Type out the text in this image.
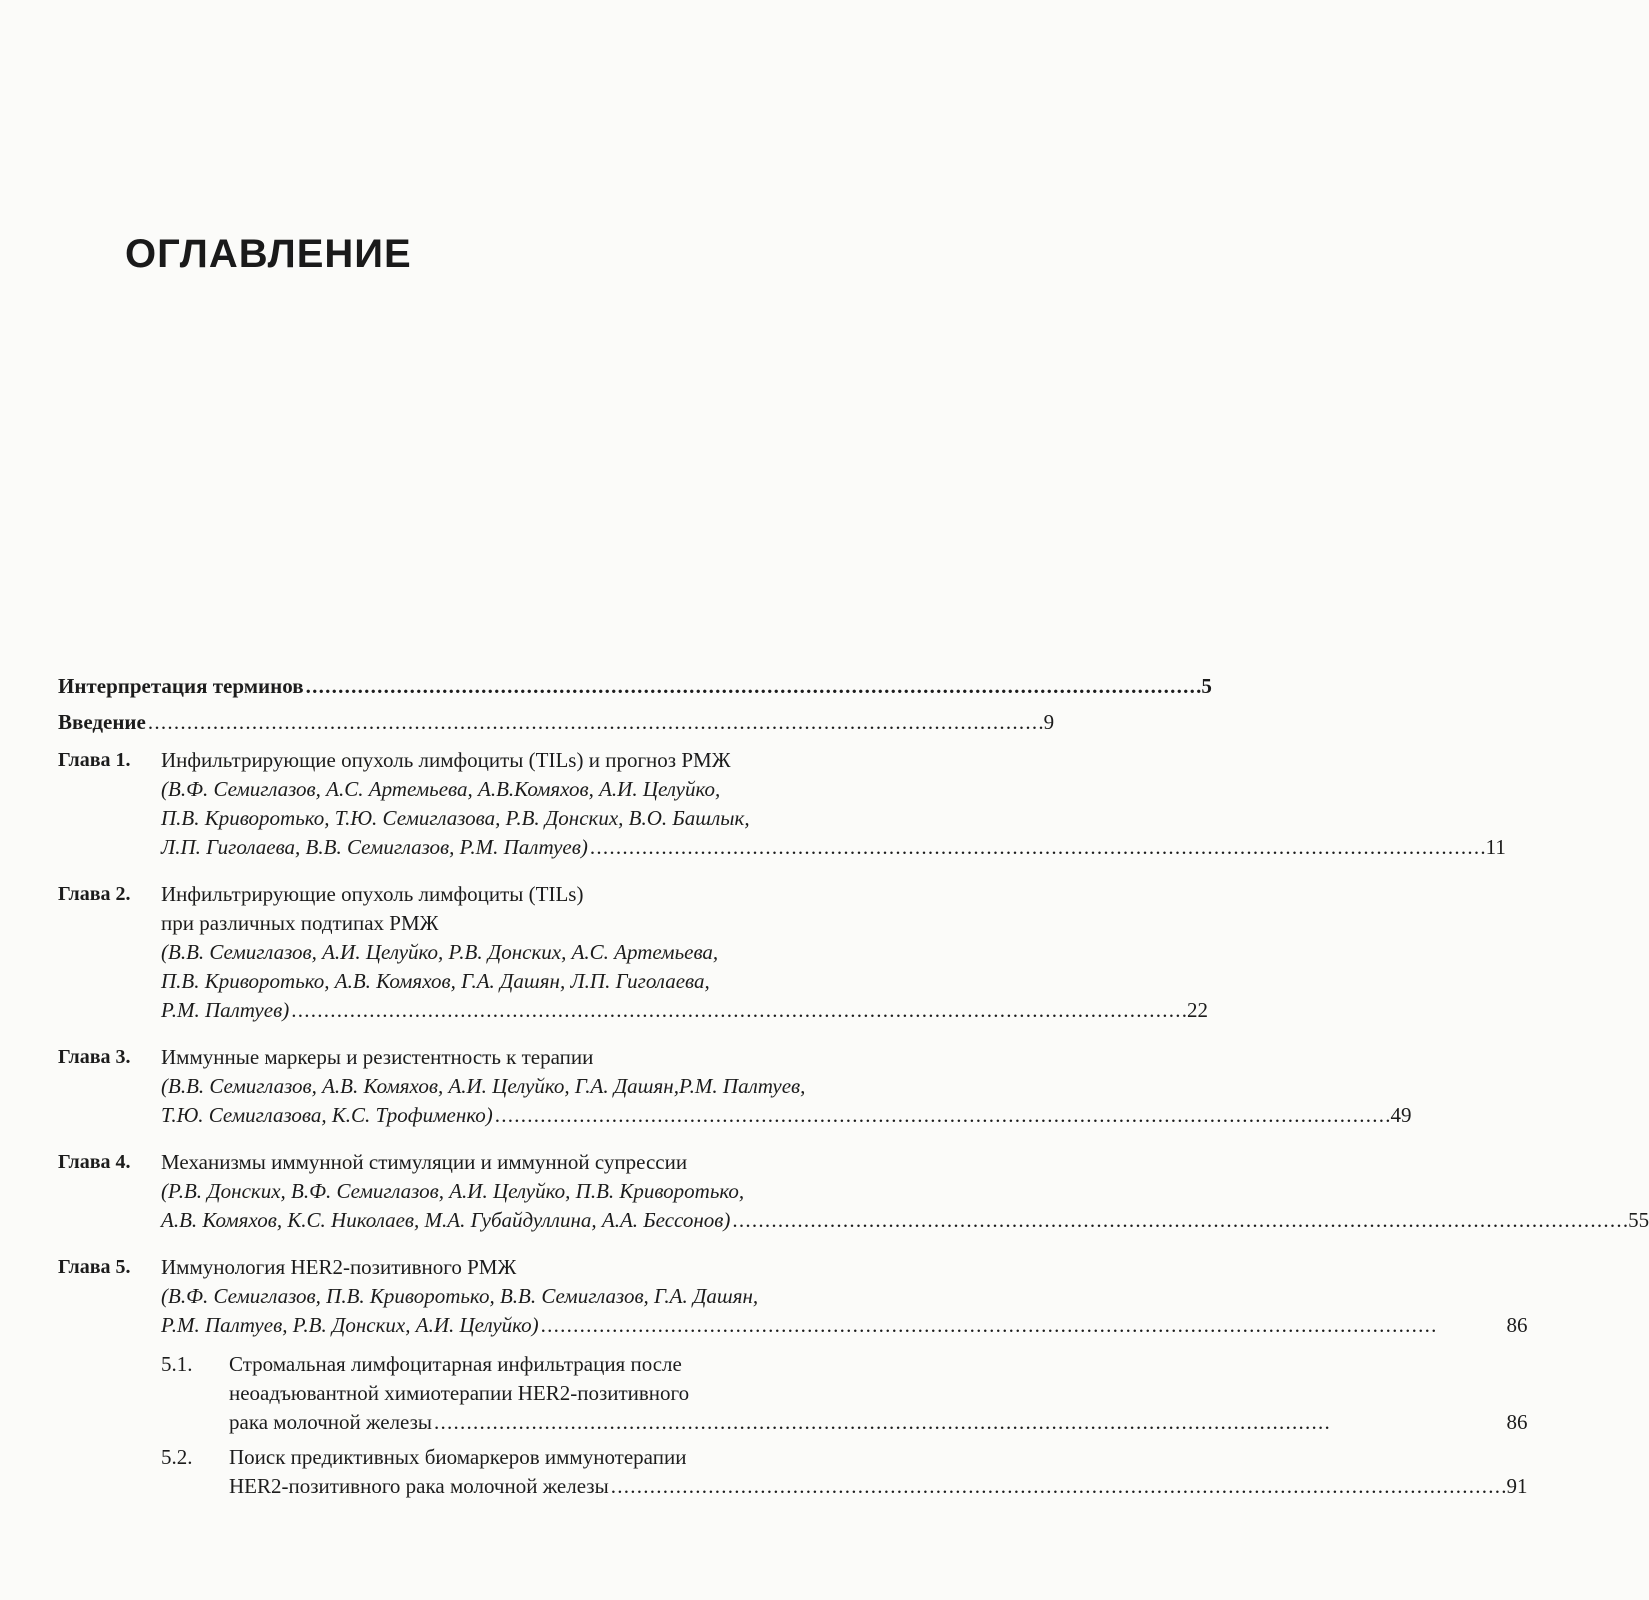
ОГЛАВЛЕНИЕ
Интерпретация терминов . . .	5
Введение . . .	9
Глава 1.	Инфильтрирующие опухоль лимфоциты (TILs) и прогноз РМЖ
(В.Ф. Семиглазов, А.С. Артемьева, А.В.Комяхов, А.И. Целуйко,
П.В. Криворотько, Т.Ю. Семиглазова, Р.В. Донских, В.О. Башлык,
Л.П. Гиголаева, В.В. Семиглазов, Р.М. Палтуев) . . .	11
Глава 2.	Инфильтрирующие опухоль лимфоциты (TILs)
при различных подтипах РМЖ
(В.В. Семиглазов, А.И. Целуйко, Р.В. Донских, А.С. Артемьева,
П.В. Криворотько, А.В. Комяхов, Г.А. Дашян, Л.П. Гиголаева,
Р.М. Палтуев) . . .	22
Глава 3.	Иммунные маркеры и резистентность к терапии
(В.В. Семиглазов, А.В. Комяхов, А.И. Целуйко, Г.А. Дашян,Р.М. Палтуев,
Т.Ю. Семиглазова, К.С. Трофименко) . . .	49
Глава 4.	Механизмы иммунной стимуляции и иммунной супрессии
(Р.В. Донских, В.Ф. Семиглазов, А.И. Целуйко, П.В. Криворотько,
А.В. Комяхов, К.С. Николаев, М.А. Губайдуллина, А.А. Бессонов) . . .	55
Глава 5.	Иммунология HER2-позитивного РМЖ
(В.Ф. Семиглазов, П.В. Криворотько, В.В. Семиглазов, Г.А. Дашян,
Р.М. Палтуев, Р.В. Донских, А.И. Целуйко) . . .	86
5.1.	Стромальная лимфоцитарная инфильтрация после
неоадъювантной химиотерапии HER2-позитивного
рака молочной железы . . .	86
5.2.	Поиск предиктивных биомаркеров иммунотерапии
HER2-позитивного рака молочной железы . . .	91
